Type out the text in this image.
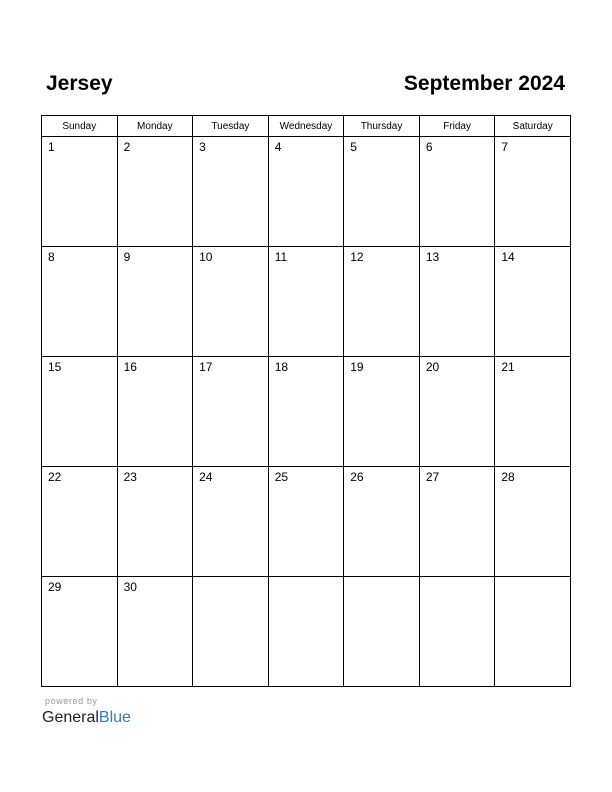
Jersey	September 2024
Sunday	Monday	Tuesday	Wednesday	Thursday	Friday	Saturday

1	2	3	4	5	6	7

8	9	10	11	12	13	14

15	16	17	18	19	20	21

22	23	24	25	26	27	28

29	30					

powered by
GeneralBlue
